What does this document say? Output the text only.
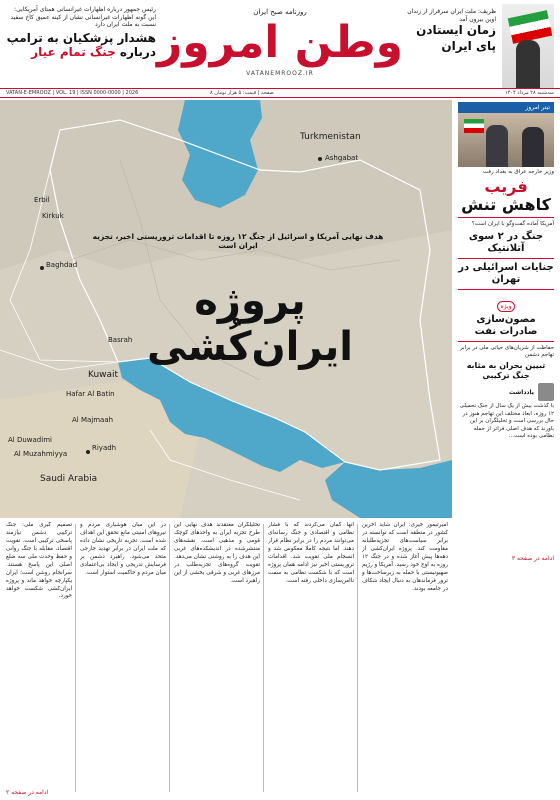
رئیس جمهور درباره اظهارات غیرانسانی همتای آمریکایی: این گونه اظهارات غیرانسانی نشان از کینه عمیق کاخ سفید نسبت به ملت ایران دارد
هشدار پزشکیان به ترامپ
درباره جنگ تمام عیار
روزنامه صبح ایران
وطن امروز
VATANEMROOZ.IR
ظریف: ملت ایران سرفراز از زندان اوین بیرون آمد
زمان ایستادن
پای ایران
VATAN-E-EMROOZ | VOL. 19 | ISSN 0000-0000 | 2026	۸ صفحه | قیمت: ۵ هزار تومان	سه‌شنبه ۲۸ مرداد ۱۴۰۴
Turkmenistan
Ashgabat
Erbil
Kirkuk
Baghdad
Basrah
Kuwait
Hafar Al Batin
Al Majmaah
Al Duwadimi
Al Muzahmiyya
Riyadh
Saudi Arabia
هدف نهایی آمریکا و اسرائیل از جنگ ۱۲ روزه تا اقدامات تروریستی اخیر، تجزیه ایران است
پروژه ایران‌کُشی
تیتر امروز
وزیر خارجه عراق به بغداد رفت
فریب
کاهش تنش
آمریکا آماده گفت‌وگو با ایران است؟
جنگ در ۲ سوی آتلانتیک
جنایات اسرائیلی در تهران
ویژه
مصون‌سازی صادرات نفت
حفاظت از شریان‌های حیاتی ملی در برابر تهاجم دشمن
تبیین بحران به مثابه جنگ ترکیبی
یادداشت
با گذشت بیش از یک سال از جنگ تحمیلی ۱۲ روزه، ابعاد مختلف این تهاجم هنوز در حال بررسی است و تحلیلگران بر این باورند که هدف اصلی فراتر از حمله نظامی بوده است...
ادامه در صفحه ۳
امیرتیمور خیری: ایران شاید آخرین کشور در منطقه است که توانسته در برابر سیاست‌های تجزیه‌طلبانه مقاومت کند. پروژه ایران‌کشی از دهه‌ها پیش آغاز شده و در جنگ ۱۲ روزه به اوج خود رسید. آمریکا و رژیم صهیونیستی با حمله به زیرساخت‌ها و ترور فرماندهان به دنبال ایجاد شکاف در جامعه بودند.
آنها گمان می‌کردند که با فشار نظامی و اقتصادی و جنگ رسانه‌ای می‌توانند مردم را در برابر نظام قرار دهند. اما نتیجه کاملا معکوس شد و انسجام ملی تقویت شد. اقدامات تروریستی اخیر نیز ادامه همان پروژه است که با شکست نظامی به سمت ناامن‌سازی داخلی رفته است.
تحلیلگران معتقدند هدف نهایی این طرح تجزیه ایران به واحدهای کوچک قومی و مذهبی است. نقشه‌های منتشرشده در اندیشکده‌های غربی این هدف را به روشنی نشان می‌دهد. تقویت گروه‌های تجزیه‌طلب در مرزهای غربی و شرقی بخشی از این راهبرد است.
در این میان هوشیاری مردم و نیروهای امنیتی مانع تحقق این اهداف شده است. تجربه تاریخی نشان داده که ملت ایران در برابر تهدید خارجی متحد می‌شود. راهبرد دشمن بر فرسایش تدریجی و ایجاد بی‌اعتمادی میان مردم و حاکمیت استوار است.
تصمیم گیری ملی: جنگ ترکیبی دشمن نیازمند پاسخی ترکیبی است. تقویت اقتصاد، مقابله با جنگ روانی و حفظ وحدت ملی سه ضلع اصلی این پاسخ هستند. سرانجام روشن است؛ ایران یکپارچه خواهد ماند و پروژه ایران‌کشی شکست خواهد خورد.
ادامه در صفحه ۲
